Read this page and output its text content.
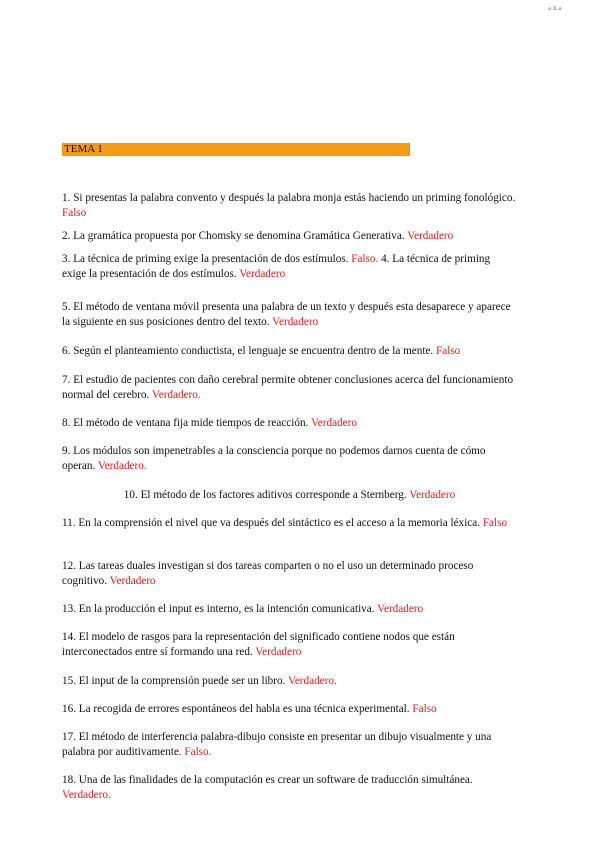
a.h.a
TEMA 1
1. Si presentas la palabra convento y después la palabra monja estás haciendo un priming fonológico. Falso
2. La gramática propuesta por Chomsky se denomina Gramática Generativa. Verdadero
3. La técnica de priming exige la presentación de dos estímulos. Falso. 4. La técnica de priming exige la presentación de dos estímulos. Verdadero
5. El método de ventana móvil presenta una palabra de un texto y después esta desaparece y aparece la siguiente en sus posiciones dentro del texto. Verdadero
6. Según el planteamiento conductista, el lenguaje se encuentra dentro de la mente. Falso
7. El estudio de pacientes con daño cerebral permite obtener conclusiones acerca del funcionamiento normal del cerebro. Verdadero.
8. El método de ventana fija mide tiempos de reacción. Verdadero
9. Los módulos son impenetrables a la consciencia porque no podemos darnos cuenta de cómo operan. Verdadero.
10. El método de los factores aditivos corresponde a Sternberg. Verdadero
11. En la comprensión el nivel que va después del sintáctico es el acceso a la memoria léxica. Falso
12. Las tareas duales investigan si dos tareas comparten o no el uso un determinado proceso cognitivo. Verdadero
13. En la producción el input es interno, es la intención comunicativa. Verdadero
14. El modelo de rasgos para la representación del significado contiene nodos que están interconectados entre sí formando una red. Verdadero
15. El input de la comprensión puede ser un libro. Verdadero.
16. La recogida de errores espontáneos del habla es una técnica experimental. Falso
17. El método de interferencia palabra-dibujo consiste en presentar un dibujo visualmente y una palabra por auditivamente. Falso.
18. Una de las finalidades de la computación es crear un software de traducción simultánea. Verdadero.
